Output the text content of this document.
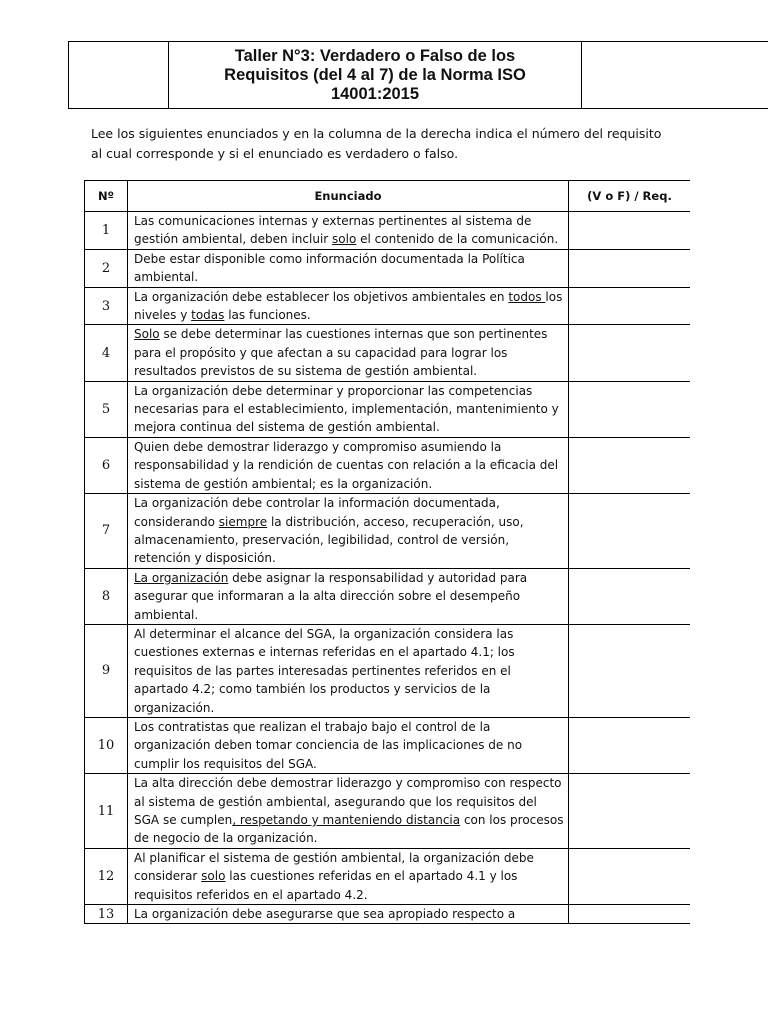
Taller N°3: Verdadero o Falso de los
Requisitos (del 4 al 7) de la Norma ISO
14001:2015

Lee los siguientes enunciados y en la columna de la derecha indica el número del requisito
al cual corresponde y si el enunciado es verdadero o falso.

Nº	Enunciado	(V o F) / Req.
1	Las comunicaciones internas y externas pertinentes al sistema de gestión ambiental, deben incluir solo el contenido de la comunicación.	
2	Debe estar disponible como información documentada la Política ambiental.	
3	La organización debe establecer los objetivos ambientales en todos los niveles y todas las funciones.	
4	Solo se debe determinar las cuestiones internas que son pertinentes para el propósito y que afectan a su capacidad para lograr los resultados previstos de su sistema de gestión ambiental.	
5	La organización debe determinar y proporcionar las competencias necesarias para el establecimiento, implementación, mantenimiento y mejora continua del sistema de gestión ambiental.	
6	Quien debe demostrar liderazgo y compromiso asumiendo la responsabilidad y la rendición de cuentas con relación a la eficacia del sistema de gestión ambiental; es la organización.	
7	La organización debe controlar la información documentada, considerando siempre la distribución, acceso, recuperación, uso, almacenamiento, preservación, legibilidad, control de versión, retención y disposición.	
8	La organización debe asignar la responsabilidad y autoridad para asegurar que informaran a la alta dirección sobre el desempeño ambiental.	
9	Al determinar el alcance del SGA, la organización considera las cuestiones externas e internas referidas en el apartado 4.1; los requisitos de las partes interesadas pertinentes referidos en el apartado 4.2; como también los productos y servicios de la organización.	
10	Los contratistas que realizan el trabajo bajo el control de la organización deben tomar conciencia de las implicaciones de no cumplir los requisitos del SGA.	
11	La alta dirección debe demostrar liderazgo y compromiso con respecto al sistema de gestión ambiental, asegurando que los requisitos del SGA se cumplen, respetando y manteniendo distancia con los procesos de negocio de la organización.	
12	Al planificar el sistema de gestión ambiental, la organización debe considerar solo las cuestiones referidas en el apartado 4.1 y los requisitos referidos en el apartado 4.2.	
13	La organización debe asegurarse que sea apropiado respecto a	
